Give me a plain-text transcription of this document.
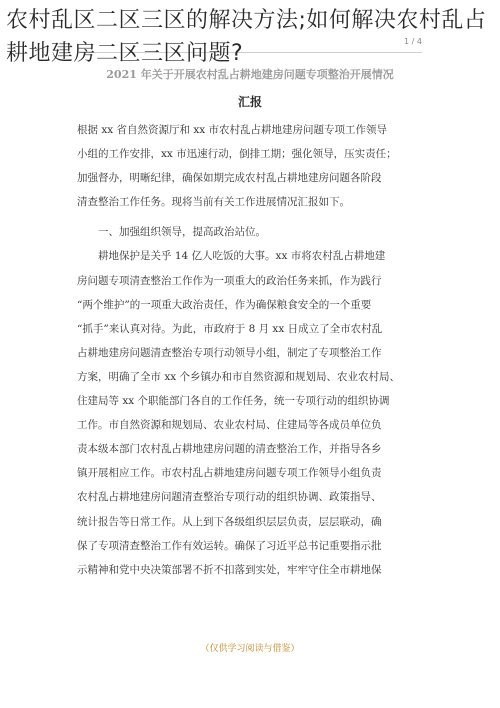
农村乱区二区三区的解决方法;如何解决农村乱占耕地建房二区三区问题?	1 / 4
2021 年关于开展农村乱占耕地建房问题专项整治开展情况
汇报
根据 xx 省自然资源厅和 xx 市农村乱占耕地建房问题专项工作领导
小组的工作安排，xx 市迅速行动，倒排工期；强化领导，压实责任；
加强督办，明晰纪律，确保如期完成农村乱占耕地建房问题各阶段
清查整治工作任务。现将当前有关工作进展情况汇报如下。
一、加强组织领导，提高政治站位。
耕地保护是关乎 14 亿人吃饭的大事。xx 市将农村乱占耕地建
房问题专项清查整治工作作为一项重大的政治任务来抓，作为践行
“两个维护”的一项重大政治责任，作为确保粮食安全的一个重要
“抓手”来认真对待。为此，市政府于 8 月 xx 日成立了全市农村乱
占耕地建房问题清查整治专项行动领导小组，制定了专项整治工作
方案，明确了全市 xx 个乡镇办和市自然资源和规划局、农业农村局、
住建局等 xx 个职能部门各自的工作任务，统一专项行动的组织协调
工作。市自然资源和规划局、农业农村局、住建局等各成员单位负
责本级本部门农村乱占耕地建房问题的清查整治工作，并指导各乡
镇开展相应工作。市农村乱占耕地建房问题专项工作领导小组负责
农村乱占耕地建房问题清查整治专项行动的组织协调、政策指导、
统计报告等日常工作。从上到下各级组织层层负责，层层联动，确
保了专项清查整治工作有效运转。确保了习近平总书记重要指示批
示精神和党中央决策部署不折不扣落到实处，牢牢守住全市耕地保
（仅供学习阅读与借鉴）
